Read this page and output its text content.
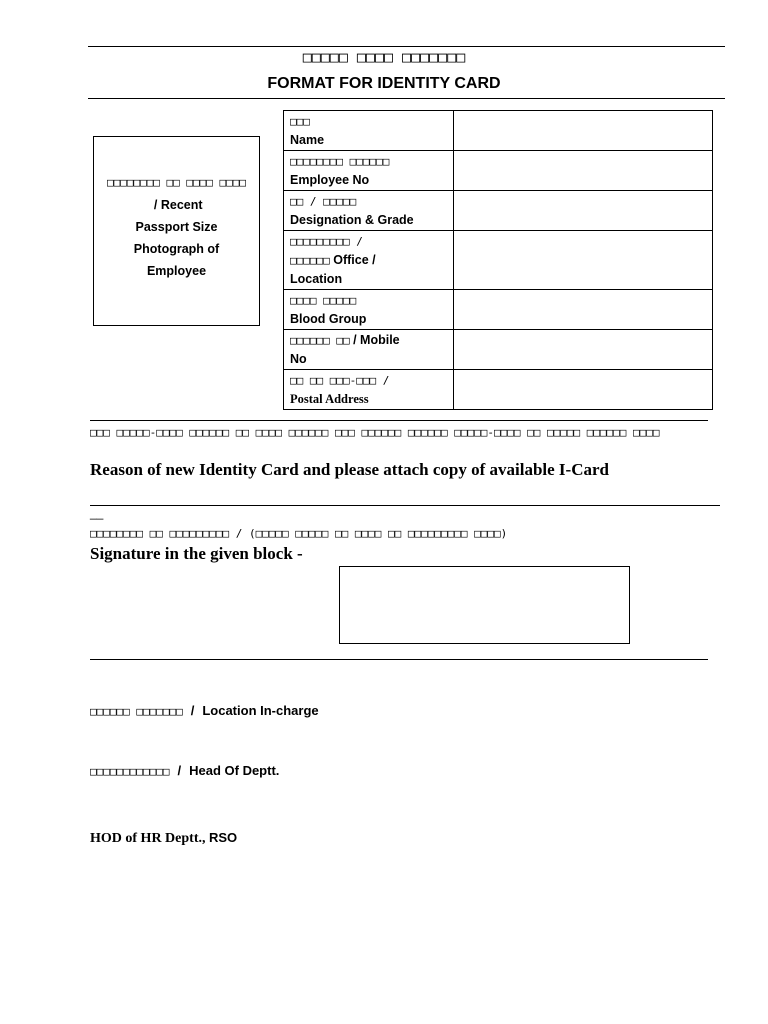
□□□□□ □□□□ □□□□□□□
FORMAT FOR IDENTITY CARD
□□□□□□□□ □□ □□□□ □□□□  / Recent
Passport Size
Photograph of
Employee
□□□
Name	
□□□□□□□□ □□□□□□
Employee No	
□□ / □□□□□
Designation & Grade	
□□□□□□□□□ /
□□□□□□ Office /
Location	
□□□□ □□□□□
Blood Group	
□□□□□□ □□ / Mobile
No	
□□ □□ □□□-□□□ /
Postal Address	
□□□ □□□□□-□□□□ □□□□□□ □□ □□□□ □□□□□□ □□□ □□□□□□ □□□□□□ □□□□□-□□□□ □□ □□□□□ □□□□□□ □□□□
Reason of new Identity Card and please attach copy of available I-Card
__
□□□□□□□□ □□ □□□□□□□□□ / (□□□□□ □□□□□ □□ □□□□ □□ □□□□□□□□□ □□□□)
Signature in the given block -
□□□□□□ □□□□□□□ / Location In-charge
□□□□□□□□□□□□ / Head Of Deptt.
HOD of HR Deptt., RSO
